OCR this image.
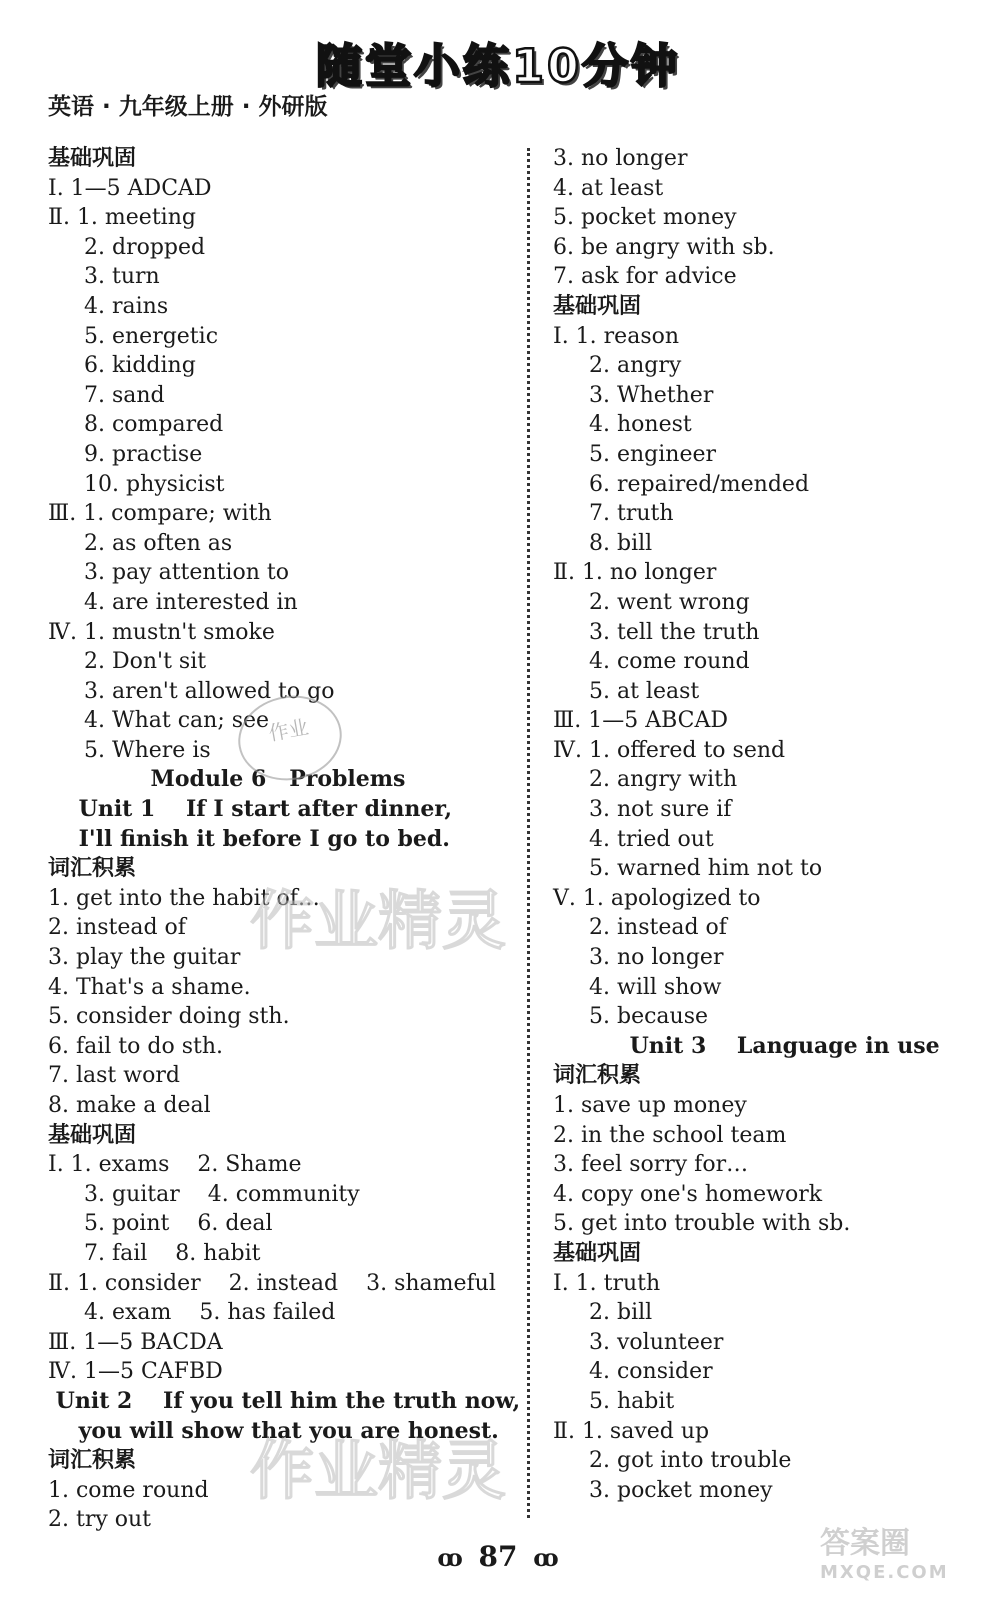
随堂小练10分钟
英语 · 九年级上册 · 外研版
基础巩固
Ⅰ. 1—5 ADCAD
Ⅱ. 1. meeting
2. dropped
3. turn
4. rains
5. energetic
6. kidding
7. sand
8. compared
9. practise
10. physicist
Ⅲ. 1. compare; with
2. as often as
3. pay attention to
4. are interested in
Ⅳ. 1. mustn't smoke
2. Don't sit
3. aren't allowed to go
4. What can; see
5. Where is
Module 6   Problems
Unit 1    If I start after dinner,
I'll finish it before I go to bed.
词汇积累
1. get into the habit of…
2. instead of
3. play the guitar
4. That's a shame.
5. consider doing sth.
6. fail to do sth.
7. last word
8. make a deal
基础巩固
Ⅰ. 1. exams    2. Shame
3. guitar    4. community
5. point    6. deal
7. fail    8. habit
Ⅱ. 1. consider    2. instead    3. shameful
4. exam    5. has failed
Ⅲ. 1—5 BACDA
Ⅳ. 1—5 CAFBD
Unit 2    If you tell him the truth now,
you will show that you are honest.
词汇积累
1. come round
2. try out
3. no longer
4. at least
5. pocket money
6. be angry with sb.
7. ask for advice
基础巩固
Ⅰ. 1. reason
2. angry
3. Whether
4. honest
5. engineer
6. repaired/mended
7. truth
8. bill
Ⅱ. 1. no longer
2. went wrong
3. tell the truth
4. come round
5. at least
Ⅲ. 1—5 ABCAD
Ⅳ. 1. offered to send
2. angry with
3. not sure if
4. tried out
5. warned him not to
Ⅴ. 1. apologized to
2. instead of
3. no longer
4. will show
5. because
Unit 3    Language in use
词汇积累
1. save up money
2. in the school team
3. feel sorry for…
4. copy one's homework
5. get into trouble with sb.
基础巩固
Ⅰ. 1. truth
2. bill
3. volunteer
4. consider
5. habit
Ⅱ. 1. saved up
2. got into trouble
3. pocket money
作业精灵
作业精灵
作业
ꝏ 87 ꝏ	答案圈
MXQE.COM
